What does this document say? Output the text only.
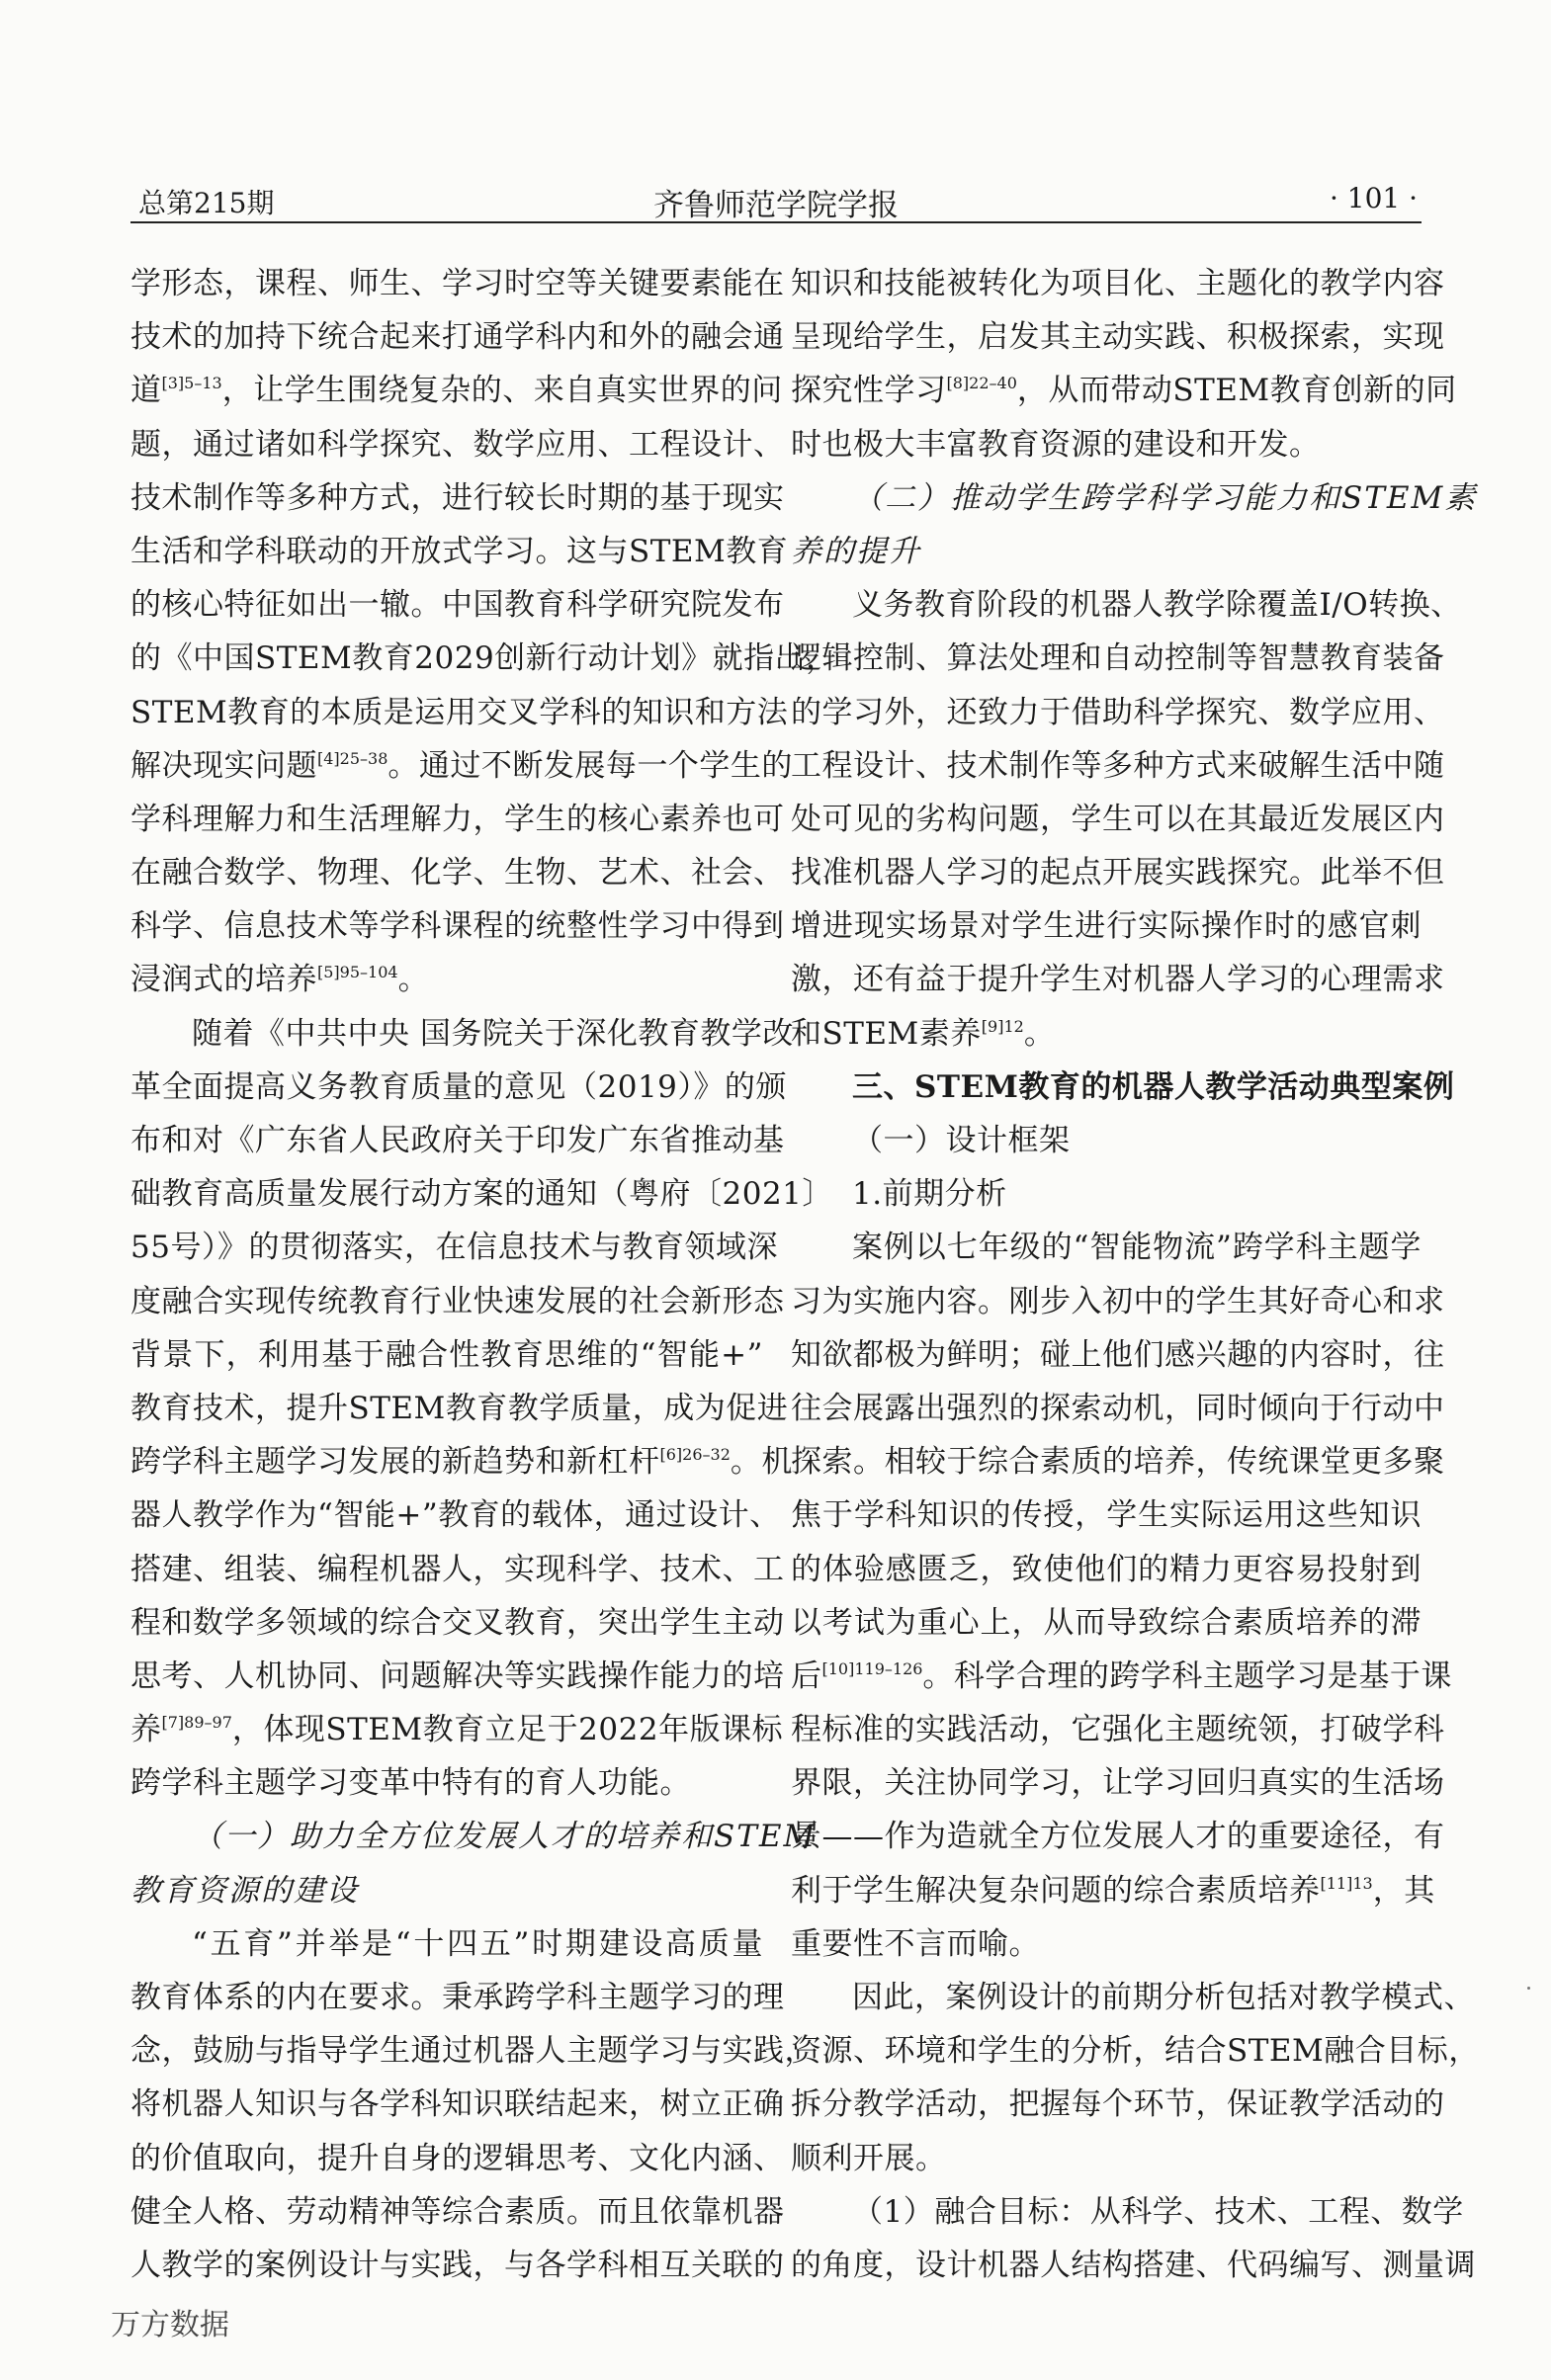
总第215期	齐鲁师范学院学报	· 101 ·
学形态，课程、师生、学习时空等关键要素能在
技术的加持下统合起来打通学科内和外的融会通
道$^{[3]5-13}$，让学生围绕复杂的、来自真实世界的问
题，通过诸如科学探究、数学应用、工程设计、
技术制作等多种方式，进行较长时期的基于现实
生活和学科联动的开放式学习。这与STEM教育
的核心特征如出一辙。中国教育科学研究院发布
的《中国STEM教育2029创新行动计划》就指出，
STEM教育的本质是运用交叉学科的知识和方法
解决现实问题$^{[4]25-38}$。通过不断发展每一个学生的
学科理解力和生活理解力，学生的核心素养也可
在融合数学、物理、化学、生物、艺术、社会、
科学、信息技术等学科课程的统整性学习中得到
浸润式的培养$^{[5]95-104}$。
随着《中共中央 国务院关于深化教育教学改
革全面提高义务教育质量的意见（2019）》的颁
布和对《广东省人民政府关于印发广东省推动基
础教育高质量发展行动方案的通知（粤府〔2021〕
55号）》的贯彻落实，在信息技术与教育领域深
度融合实现传统教育行业快速发展的社会新形态
背景下，利用基于融合性教育思维的“智能+”
教育技术，提升STEM教育教学质量，成为促进
跨学科主题学习发展的新趋势和新杠杆$^{[6]26-32}$。机
器人教学作为“智能+”教育的载体，通过设计、
搭建、组装、编程机器人，实现科学、技术、工
程和数学多领域的综合交叉教育，突出学生主动
思考、人机协同、问题解决等实践操作能力的培
养$^{[7]89-97}$，体现STEM教育立足于2022年版课标
跨学科主题学习变革中特有的育人功能。
（一）助力全方位发展人才的培养和STEM
教育资源的建设
“五育”并举是“十四五”时期建设高质量
教育体系的内在要求。秉承跨学科主题学习的理
念，鼓励与指导学生通过机器人主题学习与实践，
将机器人知识与各学科知识联结起来，树立正确
的价值取向，提升自身的逻辑思考、文化内涵、
健全人格、劳动精神等综合素质。而且依靠机器
人教学的案例设计与实践，与各学科相互关联的
知识和技能被转化为项目化、主题化的教学内容
呈现给学生，启发其主动实践、积极探索，实现
探究性学习$^{[8]22-40}$，从而带动STEM教育创新的同
时也极大丰富教育资源的建设和开发。
（二）推动学生跨学科学习能力和STEM素
养的提升
义务教育阶段的机器人教学除覆盖I/O转换、
逻辑控制、算法处理和自动控制等智慧教育装备
的学习外，还致力于借助科学探究、数学应用、
工程设计、技术制作等多种方式来破解生活中随
处可见的劣构问题，学生可以在其最近发展区内
找准机器人学习的起点开展实践探究。此举不但
增进现实场景对学生进行实际操作时的感官刺
激，还有益于提升学生对机器人学习的心理需求
和STEM素养$^{[9]12}$。
三、STEM教育的机器人教学活动典型案例
（一）设计框架
1.前期分析
案例以七年级的“智能物流”跨学科主题学
习为实施内容。刚步入初中的学生其好奇心和求
知欲都极为鲜明；碰上他们感兴趣的内容时，往
往会展露出强烈的探索动机，同时倾向于行动中
探索。相较于综合素质的培养，传统课堂更多聚
焦于学科知识的传授，学生实际运用这些知识
的体验感匮乏，致使他们的精力更容易投射到
以考试为重心上，从而导致综合素质培养的滞
后$^{[10]119-126}$。科学合理的跨学科主题学习是基于课
程标准的实践活动，它强化主题统领，打破学科
界限，关注协同学习，让学习回归真实的生活场
景——作为造就全方位发展人才的重要途径，有
利于学生解决复杂问题的综合素质培养$^{[11]13}$，其
重要性不言而喻。
因此，案例设计的前期分析包括对教学模式、
资源、环境和学生的分析，结合STEM融合目标，
拆分教学活动，把握每个环节，保证教学活动的
顺利开展。
（1）融合目标：从科学、技术、工程、数学
的角度，设计机器人结构搭建、代码编写、测量调
万方数据
